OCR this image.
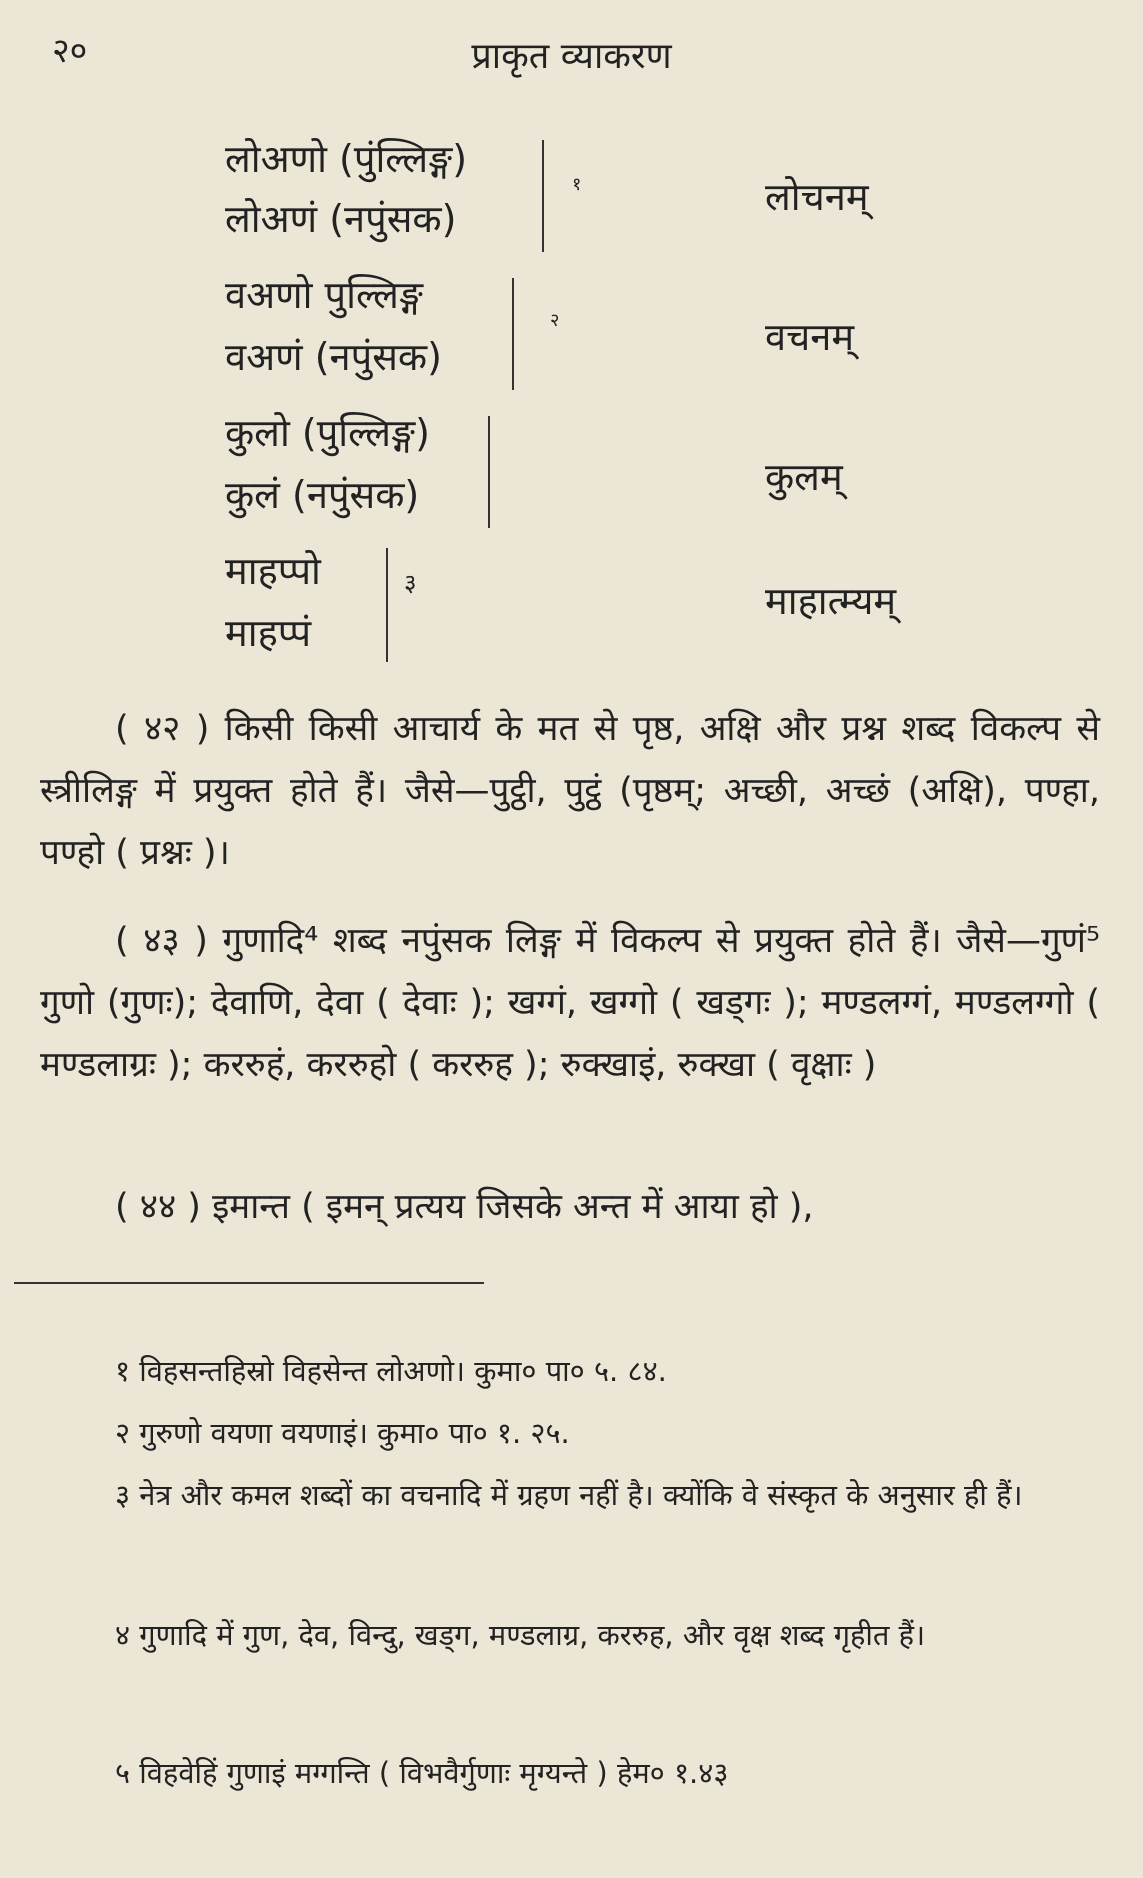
२०	प्राकृत व्याकरण
लोअणो (पुंल्लिङ्ग)
लोअणं (नपुंसक)
१	लोचनम्
वअणो पुल्लिङ्ग
वअणं (नपुंसक)
२	वचनम्
कुलो (पुल्लिङ्ग)
कुलं (नपुंसक)	कुलम्
माहप्पो
माहप्पं
३	माहात्म्यम्
( ४२ ) किसी किसी आचार्य के मत से पृष्ठ, अक्षि और प्रश्न शब्द विकल्प से स्त्रीलिङ्ग में प्रयुक्त होते हैं। जैसे—पुट्ठी, पुट्ठं (पृष्ठम्; अच्छी, अच्छं (अक्षि), पण्हा, पण्हो ( प्रश्नः )।
( ४३ ) गुणादि⁴ शब्द नपुंसक लिङ्ग में विकल्प से प्रयुक्त होते हैं। जैसे—गुणं⁵ गुणो (गुणः); देवाणि, देवा ( देवाः ); खग्गं, खग्गो ( खड्गः ); मण्डलग्गं, मण्डलग्गो ( मण्डलाग्रः ); कररुहं, कररुहो ( कररुह ); रुक्खाइं, रुक्खा ( वृक्षाः )
( ४४ ) इमान्त ( इमन् प्रत्यय जिसके अन्त में आया हो ),
१ विहसन्तहिस्रो विहसेन्त लोअणो। कुमा० पा० ५. ८४.
२ गुरुणो वयणा वयणाइं। कुमा० पा० १. २५.
३ नेत्र और कमल शब्दों का वचनादि में ग्रहण नहीं है। क्योंकि वे संस्कृत के अनुसार ही हैं।
४ गुणादि में गुण, देव, विन्दु, खड्ग, मण्डलाग्र, कररुह, और वृक्ष शब्द गृहीत हैं।
५ विहवेहिं गुणाइं मग्गन्ति ( विभवैर्गुणाः मृग्यन्ते ) हेम० १.४३
